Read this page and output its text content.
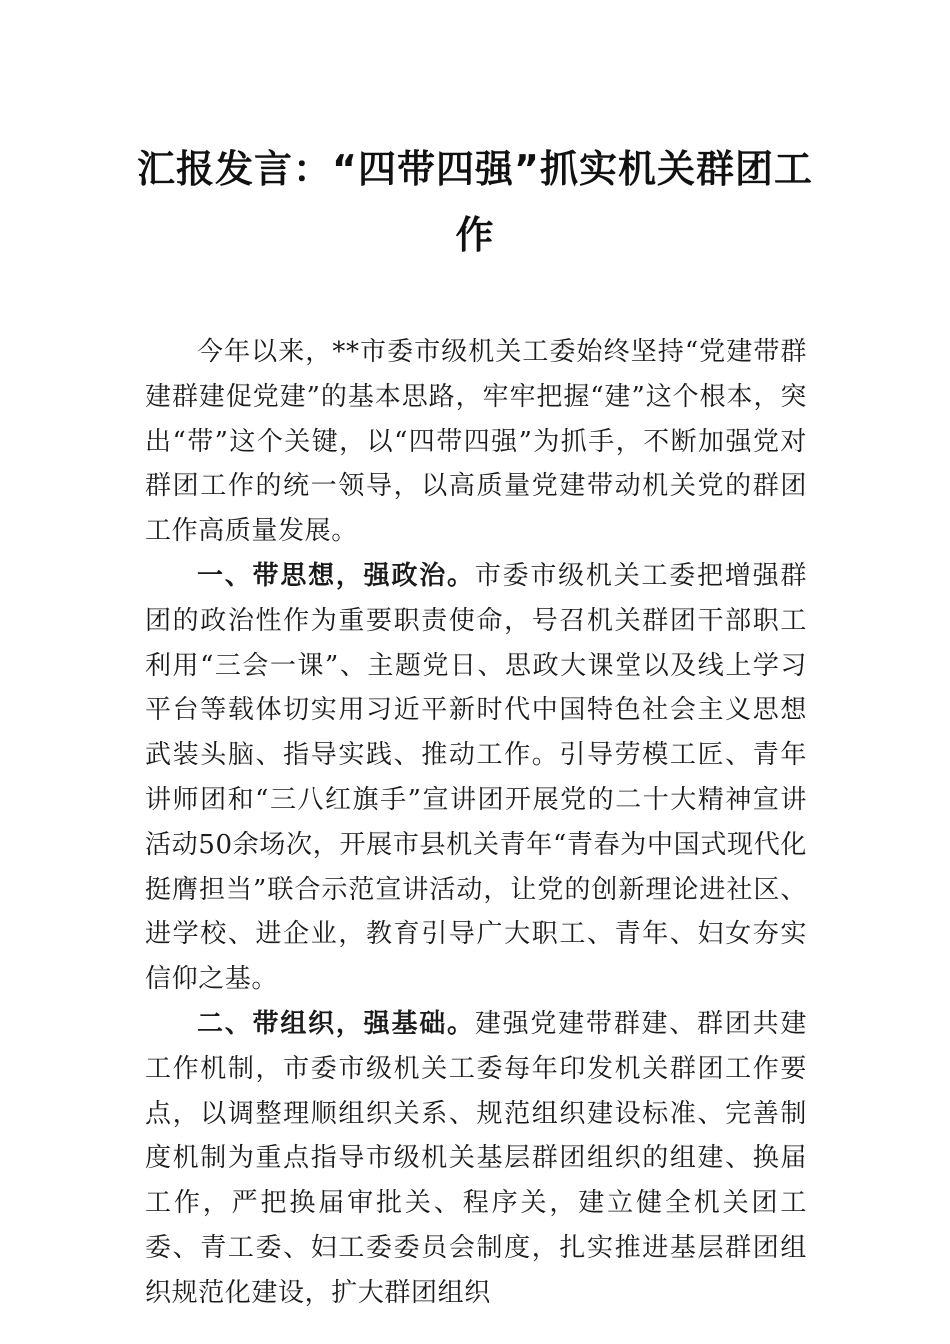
汇报发言：“四带四强”抓实机关群团工作

今年以来，**市委市级机关工委始终坚持“党建带群建群建促党建”的基本思路，牢牢把握“建”这个根本，突出“带”这个关键，以“四带四强”为抓手，不断加强党对群团工作的统一领导，以高质量党建带动机关党的群团工作高质量发展。

一、带思想，强政治。市委市级机关工委把增强群团的政治性作为重要职责使命，号召机关群团干部职工利用“三会一课”、主题党日、思政大课堂以及线上学习平台等载体切实用习近平新时代中国特色社会主义思想武装头脑、指导实践、推动工作。引导劳模工匠、青年讲师团和“三八红旗手”宣讲团开展党的二十大精神宣讲活动50余场次，开展市县机关青年“青春为中国式现代化挺膺担当”联合示范宣讲活动，让党的创新理论进社区、进学校、进企业，教育引导广大职工、青年、妇女夯实信仰之基。

二、带组织，强基础。建强党建带群建、群团共建工作机制，市委市级机关工委每年印发机关群团工作要点，以调整理顺组织关系、规范组织建设标准、完善制度机制为重点指导市级机关基层群团组织的组建、换届工作，严把换届审批关、程序关，建立健全机关团工委、青工委、妇工委委员会制度，扎实推进基层群团组织规范化建设，扩大群团组织
